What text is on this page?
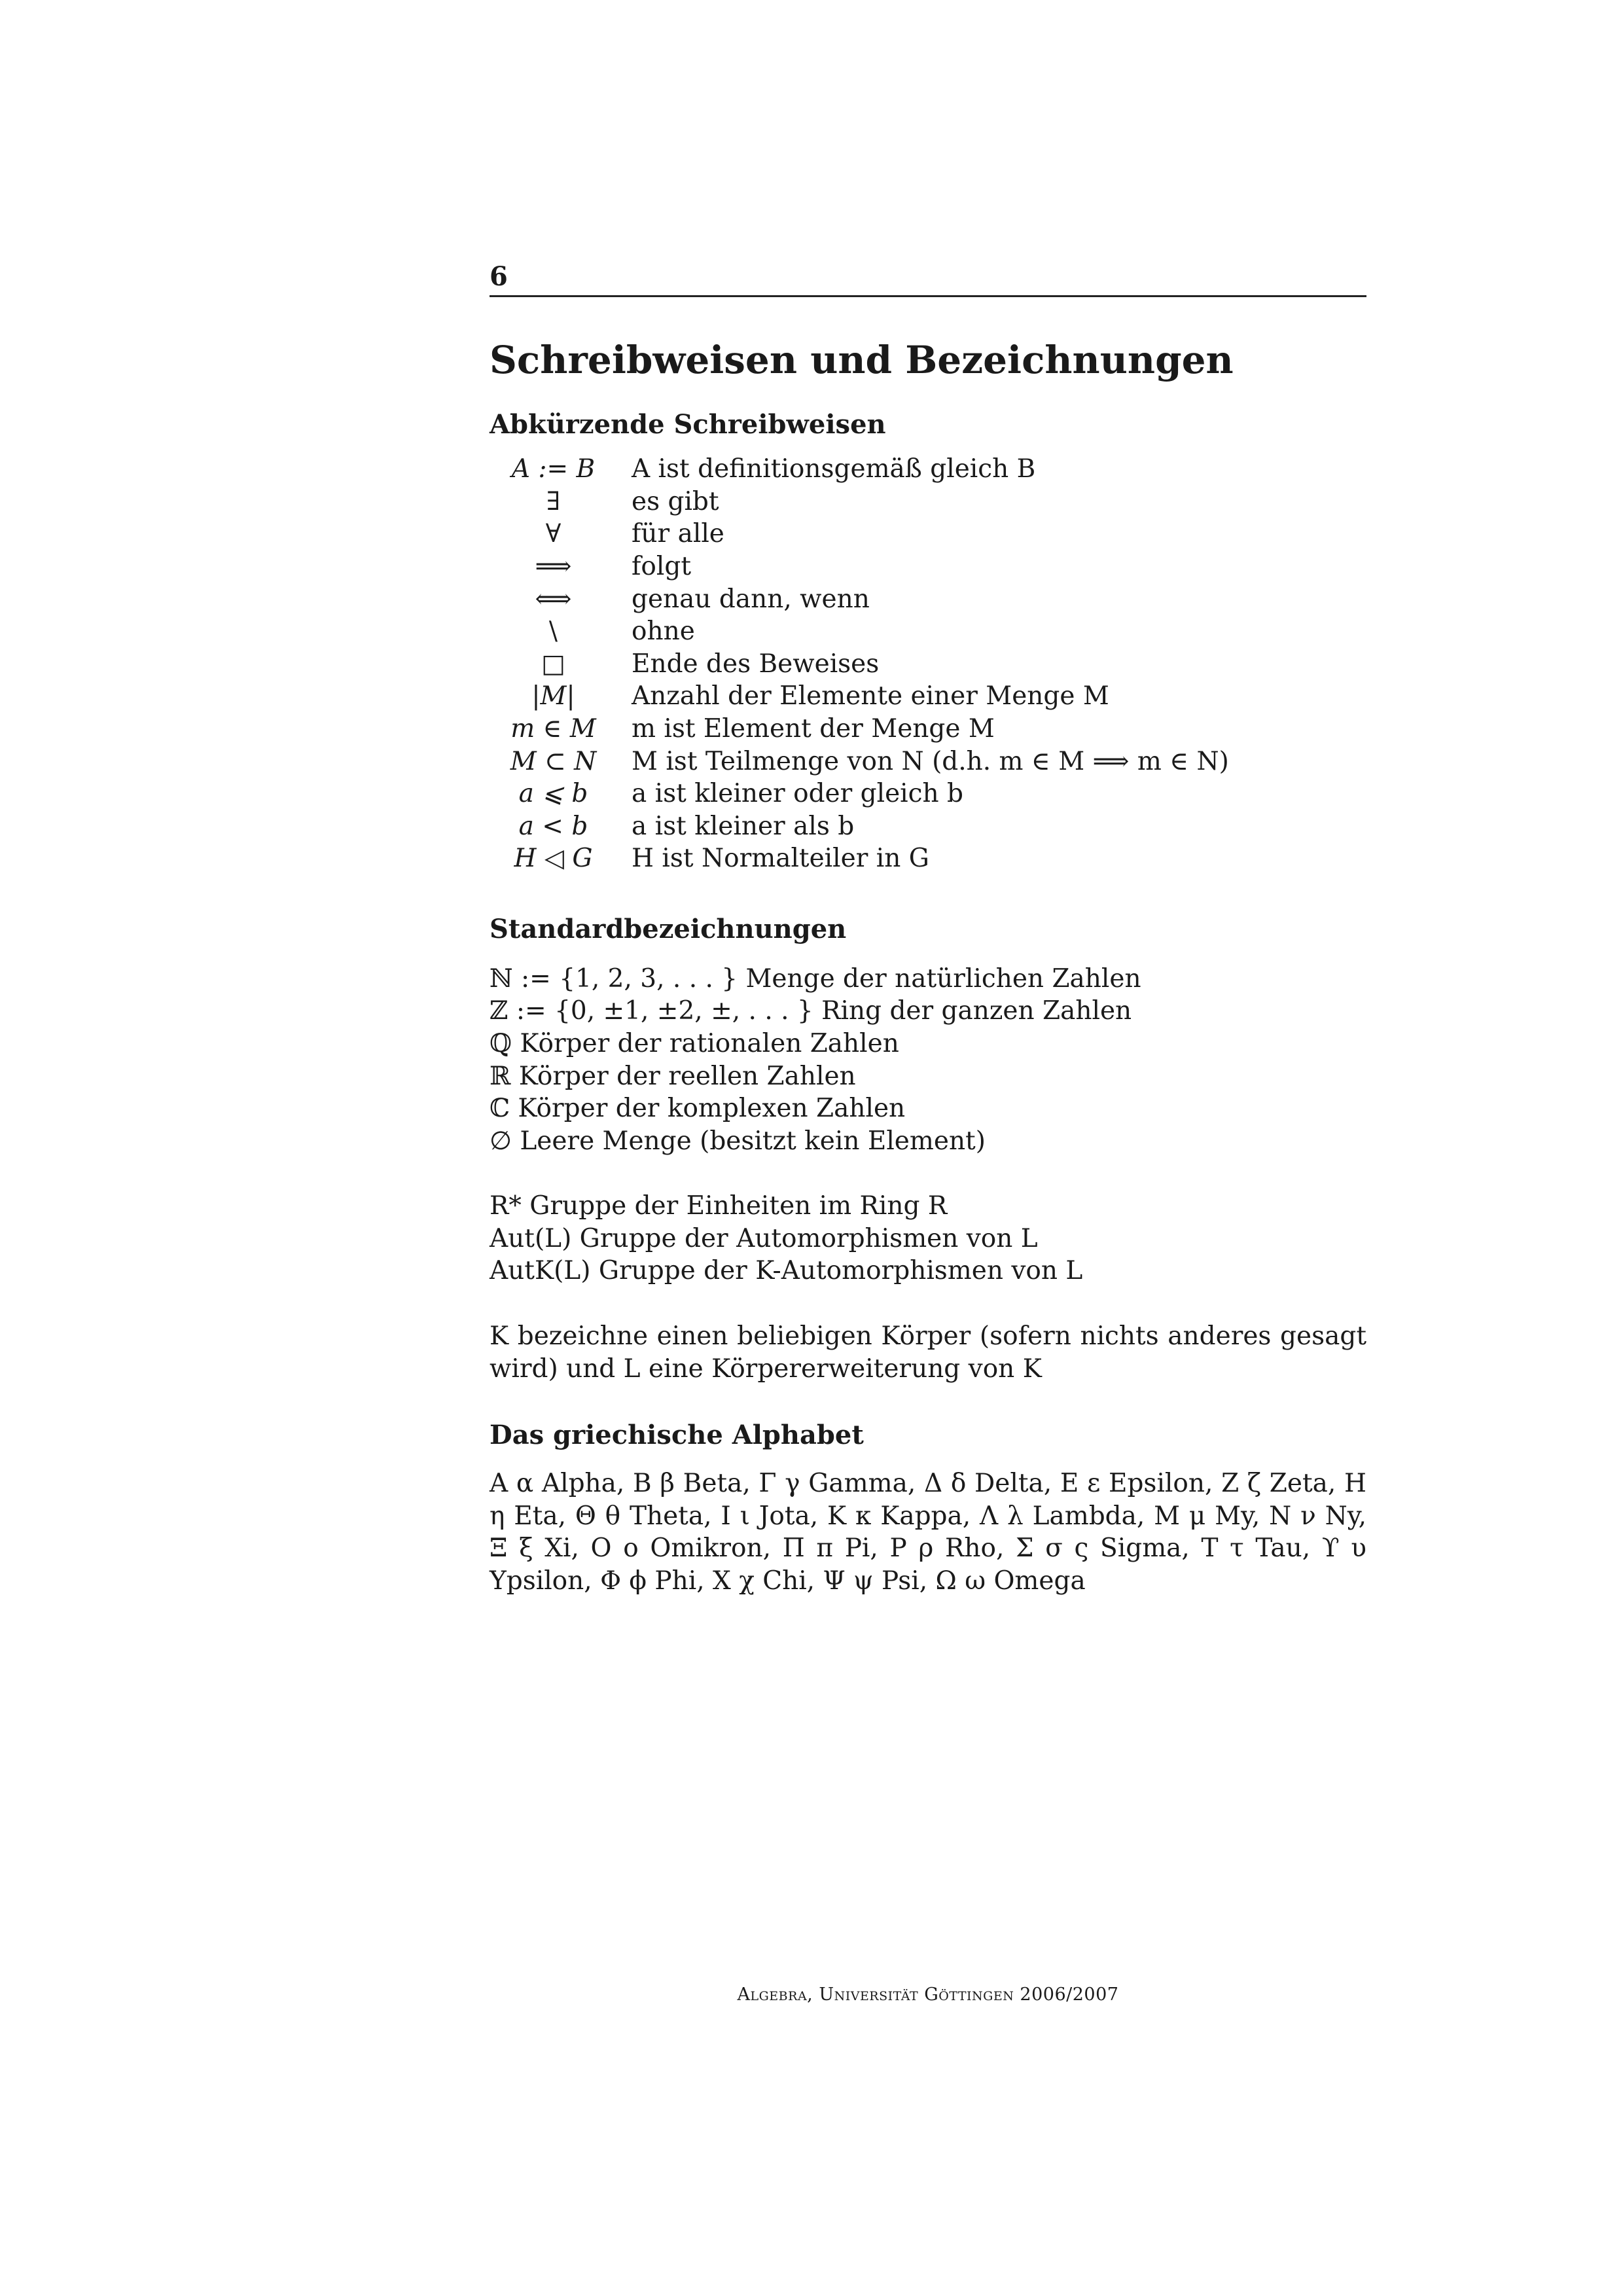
6
Schreibweisen und Bezeichnungen
Abkürzende Schreibweisen
A := B	A ist definitionsgemäß gleich B
∃	es gibt
∀	für alle
⟹	folgt
⟺	genau dann, wenn
\	ohne
□	Ende des Beweises
|M|	Anzahl der Elemente einer Menge M
m ∈ M	m ist Element der Menge M
M ⊂ N	M ist Teilmenge von N (d.h. m ∈ M ⟹ m ∈ N)
a ⩽ b	a ist kleiner oder gleich b
a < b	a ist kleiner als b
H ◁ G	H ist Normalteiler in G
Standardbezeichnungen
ℕ := {1, 2, 3, . . . } Menge der natürlichen Zahlen
ℤ := {0, ±1, ±2, ±, . . . } Ring der ganzen Zahlen
ℚ Körper der rationalen Zahlen
ℝ Körper der reellen Zahlen
ℂ Körper der komplexen Zahlen
∅ Leere Menge (besitzt kein Element)
R* Gruppe der Einheiten im Ring R
Aut(L) Gruppe der Automorphismen von L
AutK(L) Gruppe der K-Automorphismen von L
K bezeichne einen beliebigen Körper (sofern nichts anderes gesagt wird) und L eine Körpererweiterung von K
Das griechische Alphabet
A α Alpha, B β Beta, Γ γ Gamma, Δ δ Delta, E ε Epsilon, Z ζ Zeta, H η Eta, Θ θ Theta, I ι Jota, K κ Kappa, Λ λ Lambda, M μ My, N ν Ny, Ξ ξ Xi, O o Omikron, Π π Pi, P ρ Rho, Σ σ ς Sigma, T τ Tau, ϒ υ Ypsilon, Φ ϕ Phi, X χ Chi, Ψ ψ Psi, Ω ω Omega
Algebra, Universität Göttingen 2006/2007
